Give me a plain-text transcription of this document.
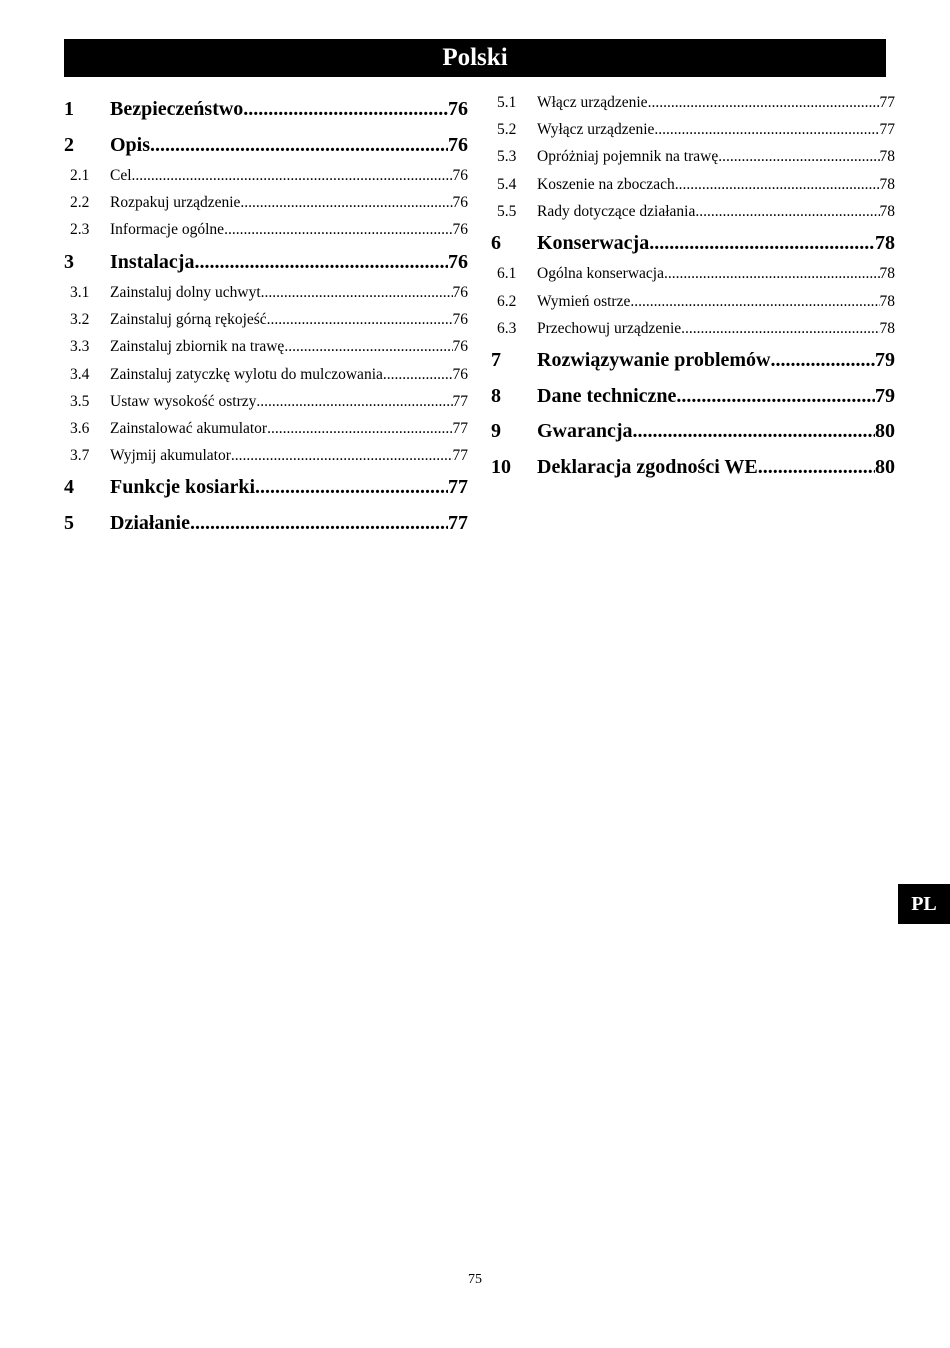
Polski
1	Bezpieczeństwo .....	76
2	Opis .....	76
2.1	Cel .....	76
2.2	Rozpakuj urządzenie .....	76
2.3	Informacje ogólne .....	76
3	Instalacja .....	76
3.1	Zainstaluj dolny uchwyt .....	76
3.2	Zainstaluj górną rękojeść .....	76
3.3	Zainstaluj zbiornik na trawę .....	76
3.4	Zainstaluj zatyczkę wylotu do mulczowania .....	76
3.5	Ustaw wysokość ostrzy .....	77
3.6	Zainstalować akumulator .....	77
3.7	Wyjmij akumulator .....	77
4	Funkcje kosiarki .....	77
5	Działanie .....	77
5.1	Włącz urządzenie .....	77
5.2	Wyłącz urządzenie .....	77
5.3	Opróżniaj pojemnik na trawę .....	78
5.4	Koszenie na zboczach .....	78
5.5	Rady dotyczące działania .....	78
6	Konserwacja .....	78
6.1	Ogólna konserwacja .....	78
6.2	Wymień ostrze .....	78
6.3	Przechowuj urządzenie .....	78
7	Rozwiązywanie problemów .....	79
8	Dane techniczne .....	79
9	Gwarancja .....	80
10	Deklaracja zgodności WE .....	80
PL
75
